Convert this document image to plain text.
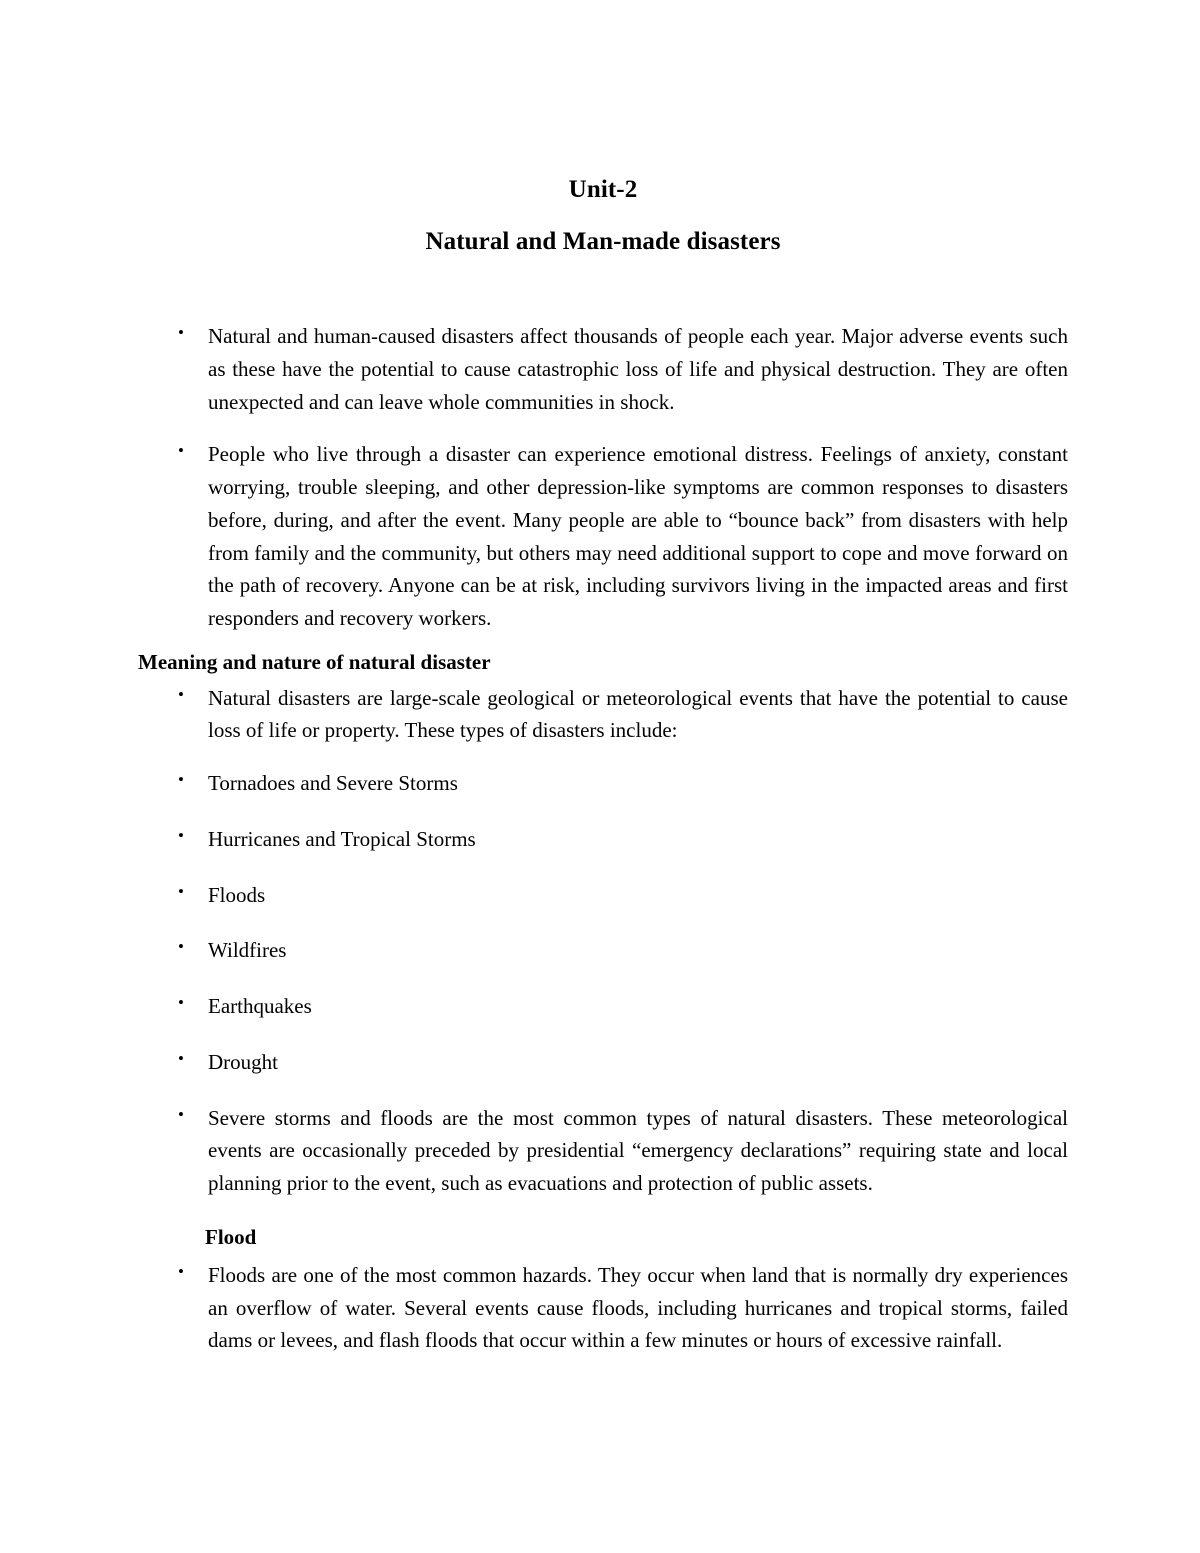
Unit-2
Natural and Man-made disasters
• Natural and human-caused disasters affect thousands of people each year. Major adverse events such as these have the potential to cause catastrophic loss of life and physical destruction. They are often unexpected and can leave whole communities in shock.
• People who live through a disaster can experience emotional distress. Feelings of anxiety, constant worrying, trouble sleeping, and other depression-like symptoms are common responses to disasters before, during, and after the event. Many people are able to “bounce back” from disasters with help from family and the community, but others may need additional support to cope and move forward on the path of recovery. Anyone can be at risk, including survivors living in the impacted areas and first responders and recovery workers.
Meaning and nature of natural disaster
• Natural disasters are large-scale geological or meteorological events that have the potential to cause loss of life or property. These types of disasters include:
• Tornadoes and Severe Storms
• Hurricanes and Tropical Storms
• Floods
• Wildfires
• Earthquakes
• Drought
• Severe storms and floods are the most common types of natural disasters. These meteorological events are occasionally preceded by presidential “emergency declarations” requiring state and local planning prior to the event, such as evacuations and protection of public assets.
Flood
• Floods are one of the most common hazards. They occur when land that is normally dry experiences an overflow of water. Several events cause floods, including hurricanes and tropical storms, failed dams or levees, and flash floods that occur within a few minutes or hours of excessive rainfall.
